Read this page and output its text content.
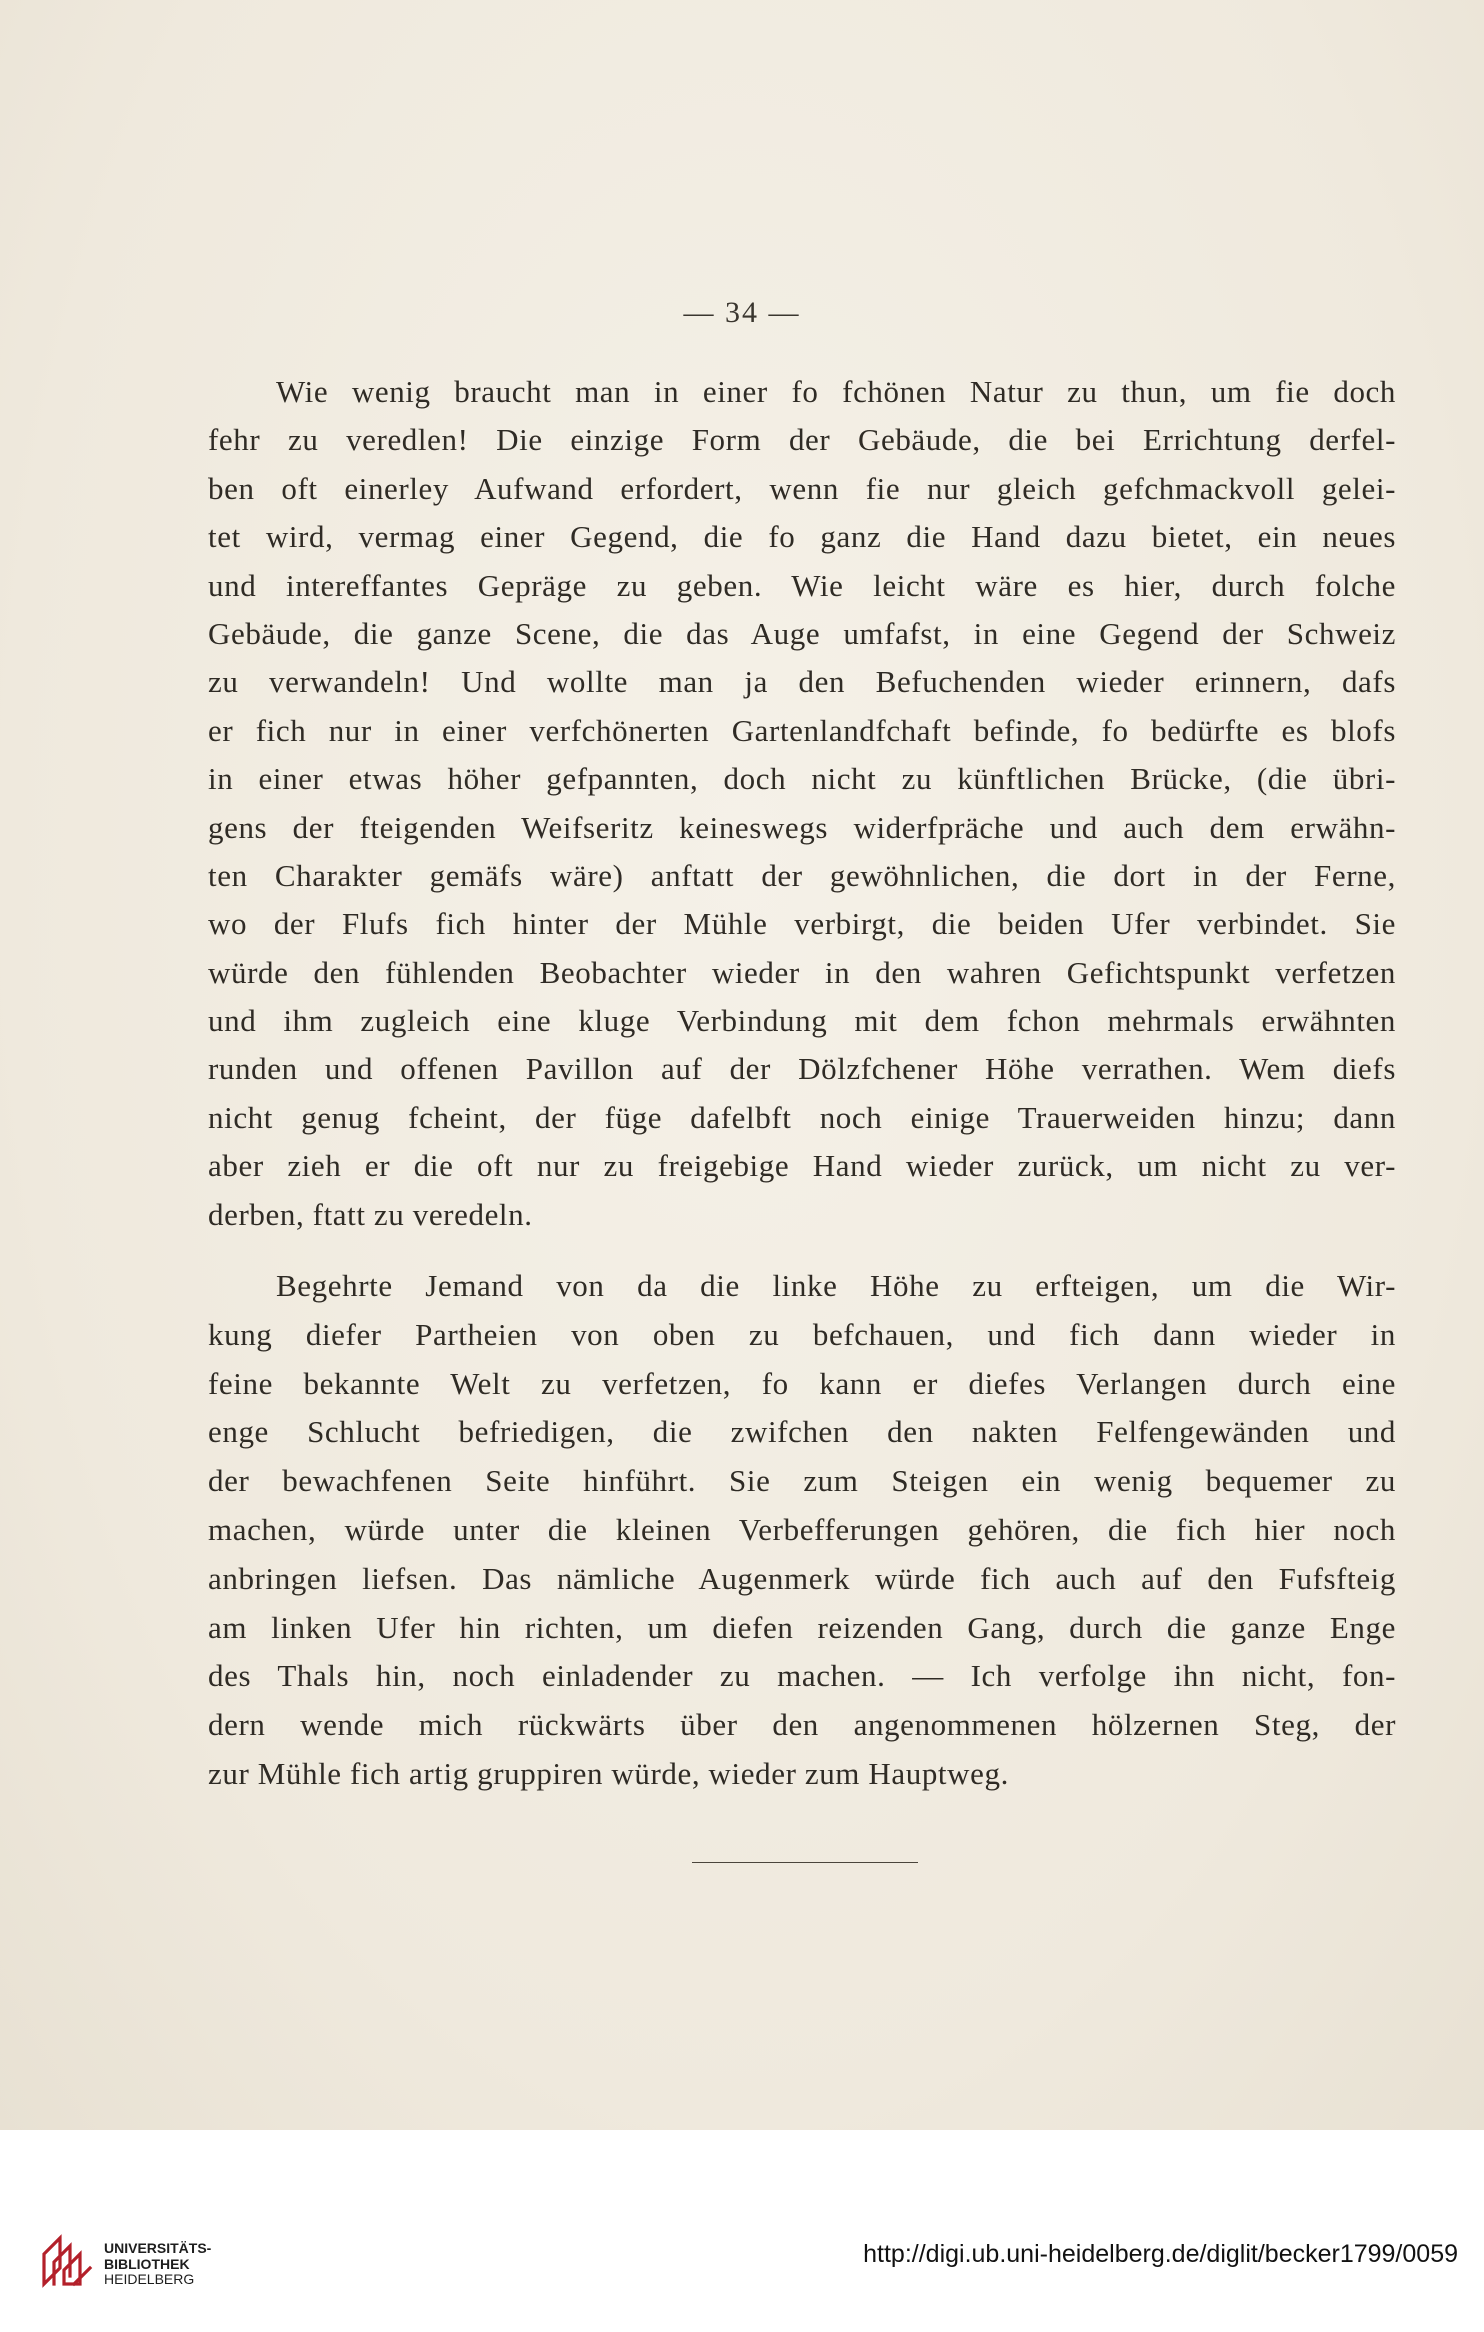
— 34 —
Wie wenig braucht man in einer fo fchönen Natur zu thun, um fie doch
fehr zu veredlen! Die einzige Form der Gebäude, die bei Errichtung derfel-
ben oft einerley Aufwand erfordert, wenn fie nur gleich gefchmackvoll gelei-
tet wird, vermag einer Gegend, die fo ganz die Hand dazu bietet, ein neues
und intereffantes Gepräge zu geben. Wie leicht wäre es hier, durch folche
Gebäude, die ganze Scene, die das Auge umfafst, in eine Gegend der Schweiz
zu verwandeln! Und wollte man ja den Befuchenden wieder erinnern, dafs
er fich nur in einer verfchönerten Gartenlandfchaft befinde, fo bedürfte es blofs
in einer etwas höher gefpannten, doch nicht zu künftlichen Brücke, (die übri-
gens der fteigenden Weifseritz keineswegs widerfpräche und auch dem erwähn-
ten Charakter gemäfs wäre) anftatt der gewöhnlichen, die dort in der Ferne,
wo der Flufs fich hinter der Mühle verbirgt, die beiden Ufer verbindet. Sie
würde den fühlenden Beobachter wieder in den wahren Gefichtspunkt verfetzen
und ihm zugleich eine kluge Verbindung mit dem fchon mehrmals erwähnten
runden und offenen Pavillon auf der Dölzfchener Höhe verrathen. Wem diefs
nicht genug fcheint, der füge dafelbft noch einige Trauerweiden hinzu; dann
aber zieh er die oft nur zu freigebige Hand wieder zurück, um nicht zu ver-
derben, ftatt zu veredeln.
Begehrte Jemand von da die linke Höhe zu erfteigen, um die Wir-
kung diefer Partheien von oben zu befchauen, und fich dann wieder in
feine bekannte Welt zu verfetzen, fo kann er diefes Verlangen durch eine
enge Schlucht befriedigen, die zwifchen den nakten Felfengewänden und
der bewachfenen Seite hinführt. Sie zum Steigen ein wenig bequemer zu
machen, würde unter die kleinen Verbefferungen gehören, die fich hier noch
anbringen liefsen. Das nämliche Augenmerk würde fich auch auf den Fufsfteig
am linken Ufer hin richten, um diefen reizenden Gang, durch die ganze Enge
des Thals hin, noch einladender zu machen. — Ich verfolge ihn nicht, fon-
dern wende mich rückwärts über den angenommenen hölzernen Steg, der
zur Mühle fich artig gruppiren würde, wieder zum Hauptweg.
UNIVERSITÄTS-
BIBLIOTHEK
HEIDELBERG
http://digi.ub.uni-heidelberg.de/diglit/becker1799/0059
